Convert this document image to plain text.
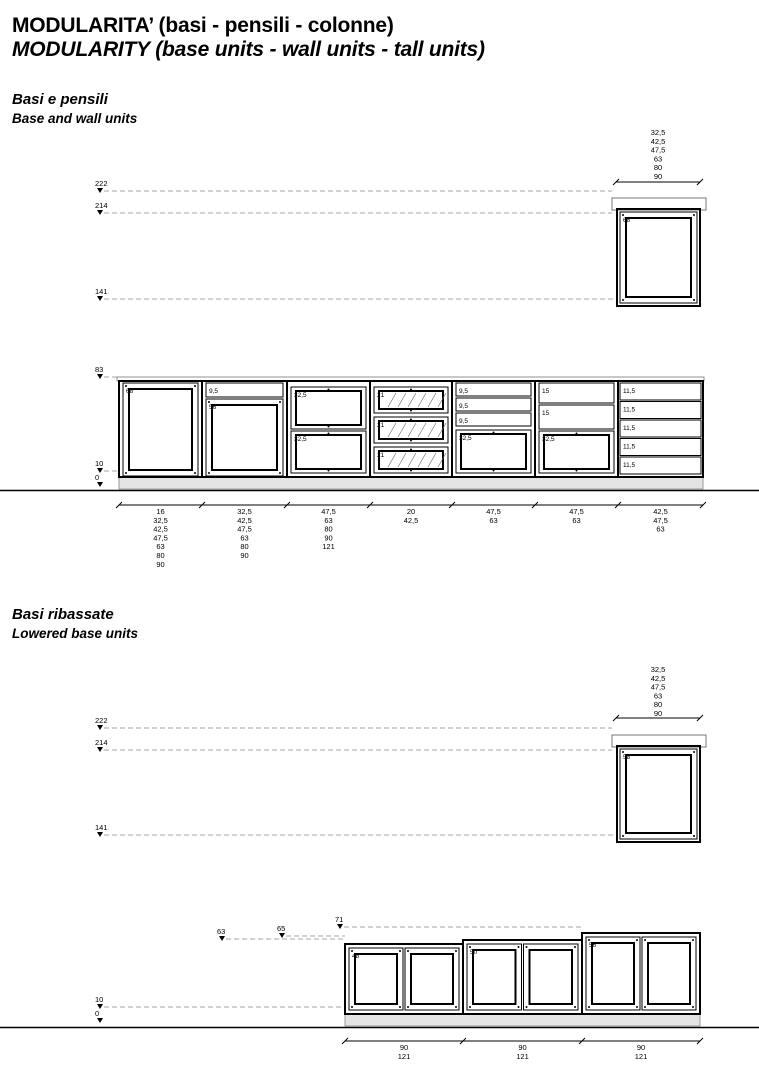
MODULARITA’ (basi - pensili - colonne)
MODULARITY (base units - wall units - tall units)
Basi e pensili
Base and wall units
Basi ribassate
Lowered base units
222
214
141
83
10
0
32,5
42,5
47,5
63
80
90
68
68	9,5
56
32,5
32,5
21
21
21
9,5
9,5
9,5
32,5
15
15
32,5
11,5
11,5
11,5
11,5
11,5
16
32,5
42,5
47,5
63
80
90
32,5
42,5
47,5
63
80
90
47,5
63
80
90
121
20
42,5
47,5
63
47,5
63
42,5
47,5
63
222
214
141
63	65
71
10
0
32,5
42,5
47,5
63
80
90
58
48
50
56
90
121
90
121
90
121
